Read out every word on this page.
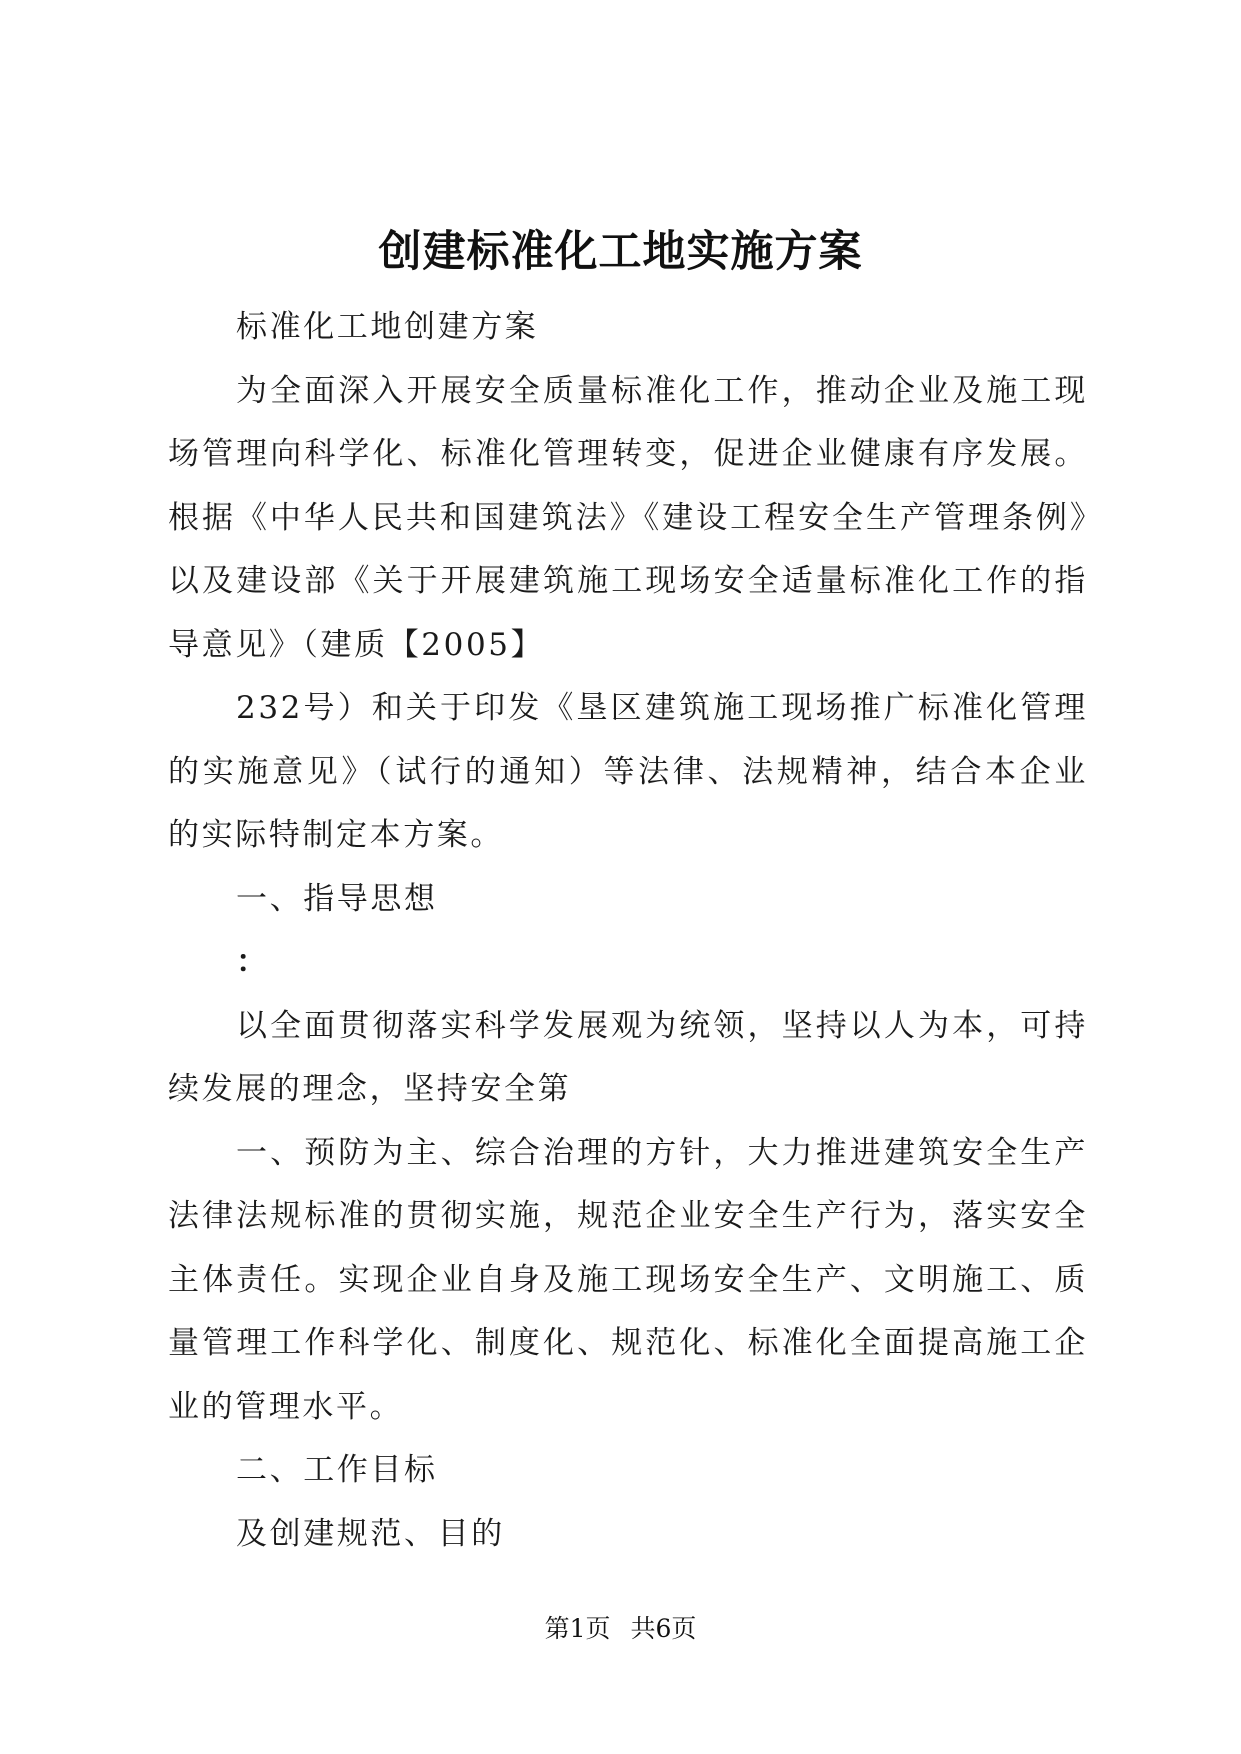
创建标准化工地实施方案

标准化工地创建方案

为全面深入开展安全质量标准化工作，推动企业及施工现场管理向科学化、标准化管理转变，促进企业健康有序发展。根据《中华人民共和国建筑法》《建设工程安全生产管理条例》以及建设部《关于开展建筑施工现场安全适量标准化工作的指导意见》（建质【2005】

232号）和关于印发《垦区建筑施工现场推广标准化管理的实施意见》（试行的通知）等法律、法规精神，结合本企业的实际特制定本方案。

一、指导思想

：

以全面贯彻落实科学发展观为统领，坚持以人为本，可持续发展的理念，坚持安全第

一、预防为主、综合治理的方针，大力推进建筑安全生产法律法规标准的贯彻实施，规范企业安全生产行为，落实安全主体责任。实现企业自身及施工现场安全生产、文明施工、质量管理工作科学化、制度化、规范化、标准化全面提高施工企业的管理水平。

二、工作目标

及创建规范、目的

第1页 共6页
